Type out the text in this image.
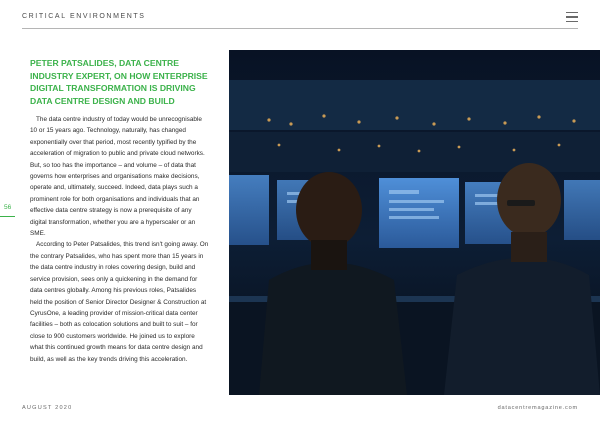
CRITICAL ENVIRONMENTS
PETER PATSALIDES, DATA CENTRE INDUSTRY EXPERT, ON HOW ENTERPRISE DIGITAL TRANSFORMATION IS DRIVING DATA CENTRE DESIGN AND BUILD

The data centre industry of today would be unrecognisable 10 or 15 years ago. Technology, naturally, has changed exponentially over that period, most recently typified by the acceleration of migration to public and private cloud networks. But, so too has the importance – and volume – of data that governs how enterprises and organisations make decisions, operate and, ultimately, succeed. Indeed, data plays such a prominent role for both organisations and individuals that an effective data centre strategy is now a prerequisite of any digital transformation, whether you are a hyperscaler or an SME.

According to Peter Patsalides, this trend isn't going away. On the contrary Patsalides, who has spent more than 15 years in the data centre industry in roles covering design, build and service provision, sees only a quickening in the demand for data centres globally. Among his previous roles, Patsalides held the position of Senior Director Designer & Construction at CyrusOne, a leading provider of mission-critical data center facilities – both as colocation solutions and built to suit – for close to 900 customers worldwide. He joined us to explore what this continued growth means for data centre design and build, as well as the key trends driving this acceleration.

56
AUGUST 2020	datacentremagazine.com
